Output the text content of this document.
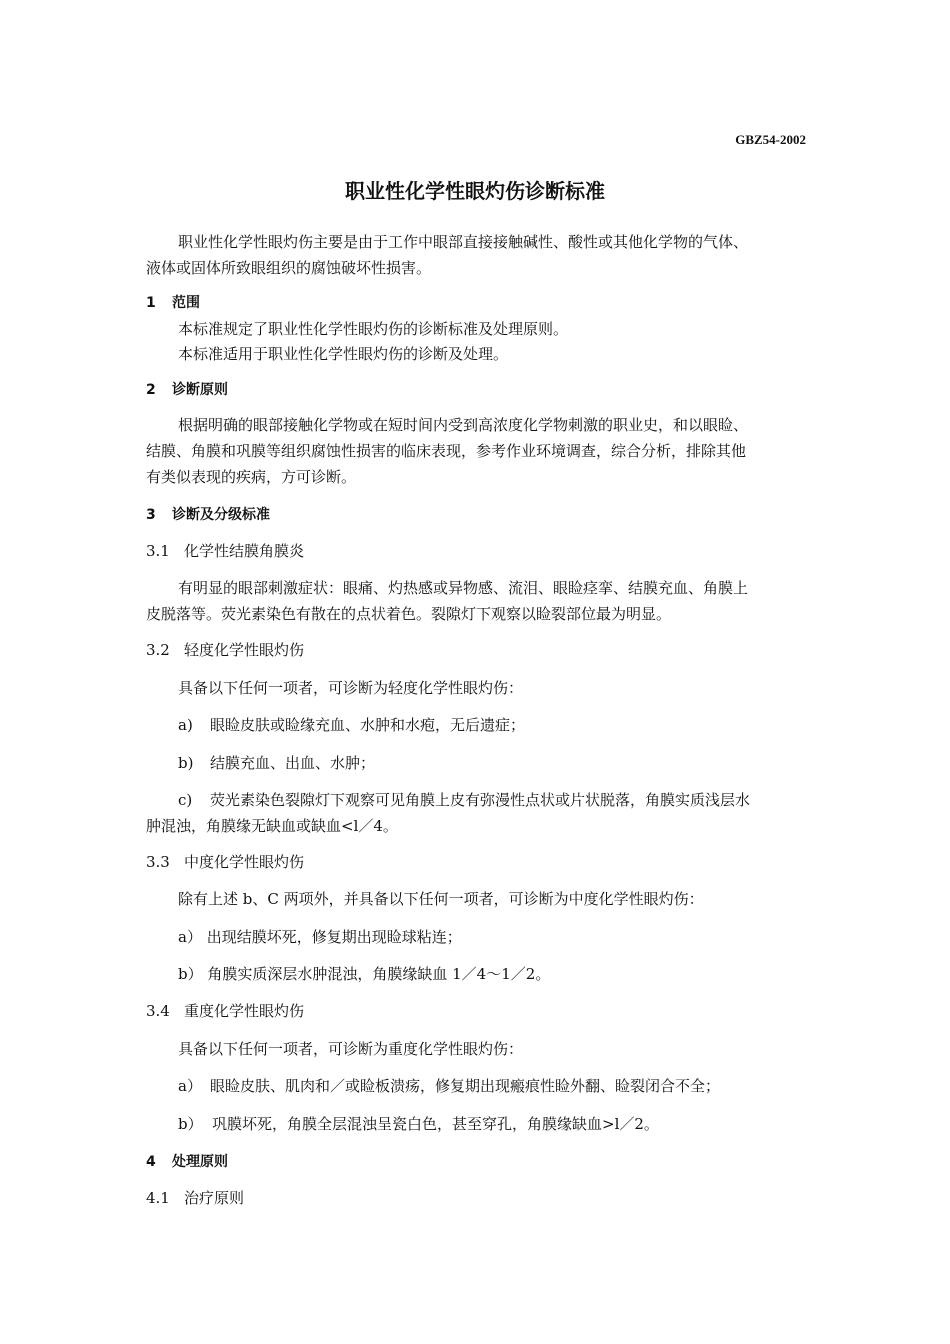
GBZ54-2002
职业性化学性眼灼伤诊断标准

职业性化学性眼灼伤主要是由于工作中眼部直接接触碱性、酸性或其他化学物的气体、

液体或固体所致眼组织的腐蚀破坏性损害。

1 范围

本标准规定了职业性化学性眼灼伤的诊断标准及处理原则。

本标准适用于职业性化学性眼灼伤的诊断及处理。

2 诊断原则

根据明确的眼部接触化学物或在短时间内受到高浓度化学物刺激的职业史，和以眼睑、

结膜、角膜和巩膜等组织腐蚀性损害的临床表现，参考作业环境调查，综合分析，排除其他

有类似表现的疾病，方可诊断。

3 诊断及分级标准
3.1 化学性结膜角膜炎

有明显的眼部刺激症状：眼痛、灼热感或异物感、流泪、眼睑痉挛、结膜充血、角膜上

皮脱落等。荧光素染色有散在的点状着色。裂隙灯下观察以睑裂部位最为明显。

3.2 轻度化学性眼灼伤

具备以下任何一项者，可诊断为轻度化学性眼灼伤：

a) 眼睑皮肤或睑缘充血、水肿和水疱，无后遗症；
b) 结膜充血、出血、水肿；
c) 荧光素染色裂隙灯下观察可见角膜上皮有弥漫性点状或片状脱落，角膜实质浅层水

肿混浊，角膜缘无缺血或缺血<l／4。

3.3 中度化学性眼灼伤

除有上述 b、C 两项外，并具备以下任何一项者，可诊断为中度化学性眼灼伤：

a） 出现结膜坏死，修复期出现睑球粘连；

b） 角膜实质深层水肿混浊，角膜缘缺血 1／4～1／2。

3.4 重度化学性眼灼伤

具备以下任何一项者，可诊断为重度化学性眼灼伤：

a） 眼睑皮肤、肌肉和／或睑板溃疡，修复期出现瘢痕性睑外翻、睑裂闭合不全；
b） 巩膜坏死，角膜全层混浊呈瓷白色，甚至穿孔，角膜缘缺血>l／2。
4 处理原则
4.1 治疗原则
